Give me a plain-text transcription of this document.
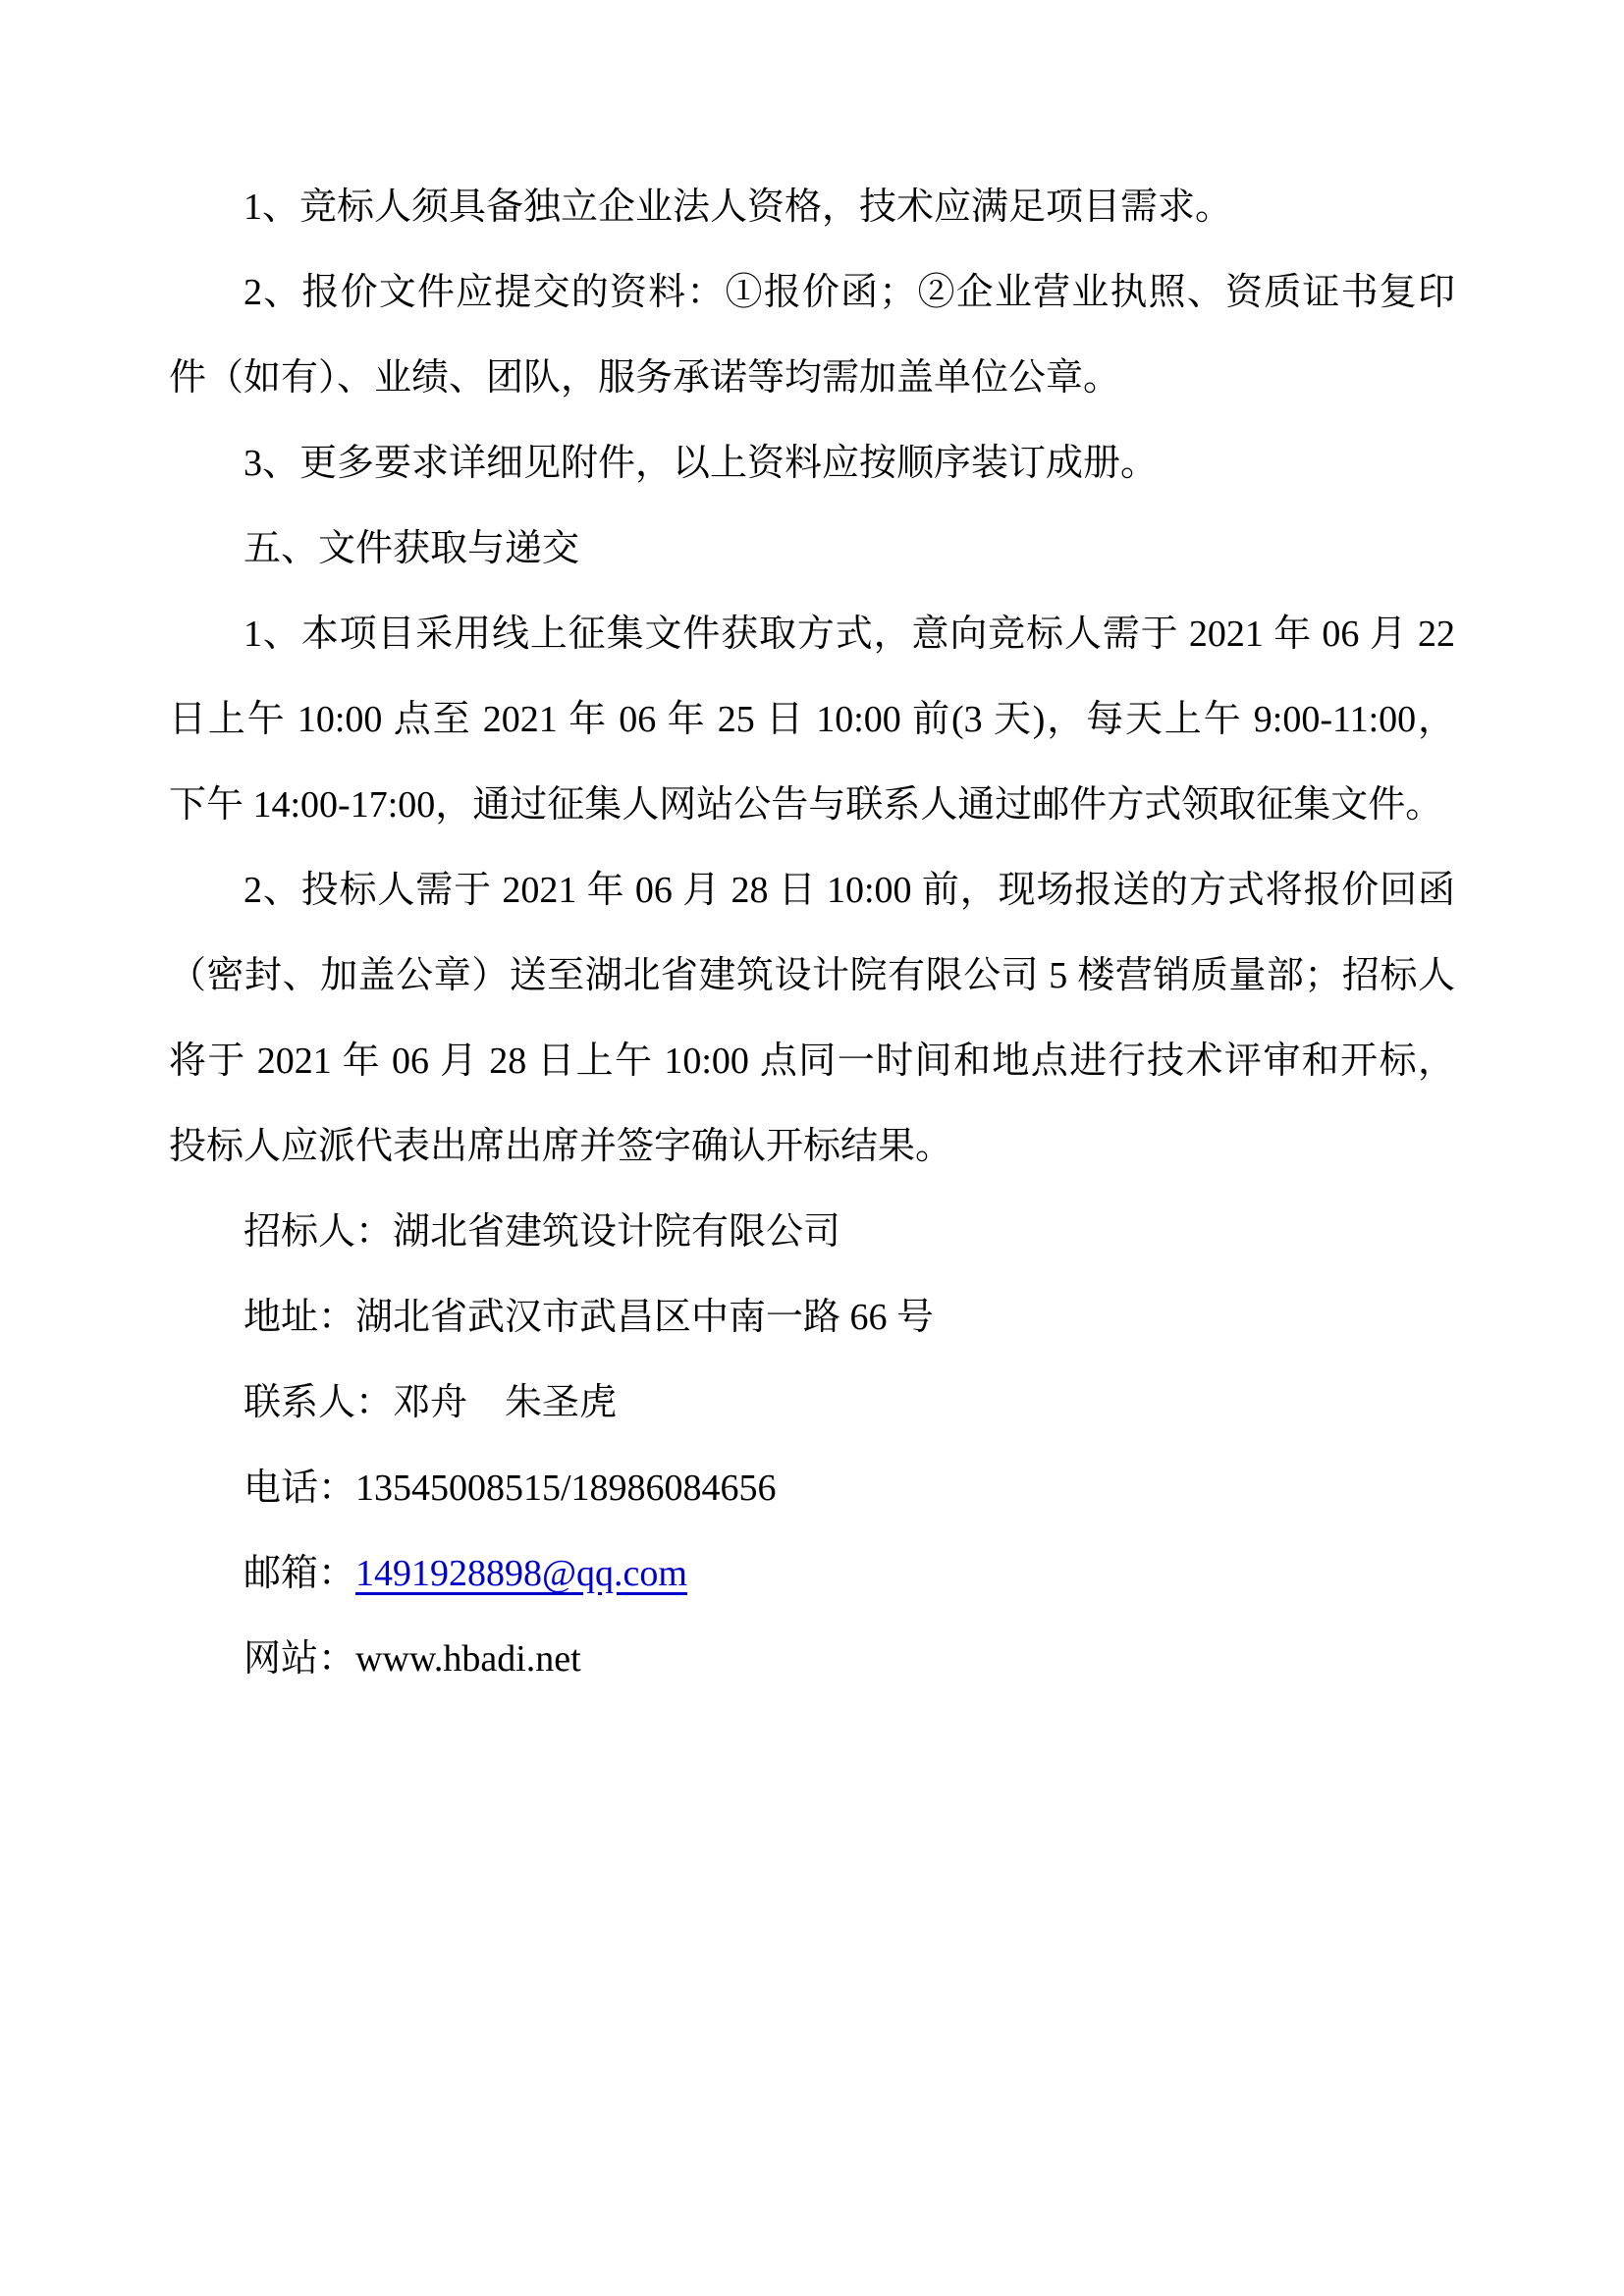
1、竞标人须具备独立企业法人资格，技术应满足项目需求。
2、报价文件应提交的资料：①报价函；②企业营业执照、资质证书复印
件（如有）、业绩、团队，服务承诺等均需加盖单位公章。
3、更多要求详细见附件，以上资料应按顺序装订成册。
五、文件获取与递交
1、本项目采用线上征集文件获取方式，意向竞标人需于 2021 年 06 月 22
日上午 10:00 点至 2021 年 06 年 25 日 10:00 前(3 天)，每天上午 9:00-11:00，
下午 14:00-17:00，通过征集人网站公告与联系人通过邮件方式领取征集文件。
2、投标人需于 2021 年 06 月 28 日 10:00 前，现场报送的方式将报价回函
（密封、加盖公章）送至湖北省建筑设计院有限公司 5 楼营销质量部；招标人
将于 2021 年 06 月 28 日上午 10:00 点同一时间和地点进行技术评审和开标，
投标人应派代表出席出席并签字确认开标结果。
招标人：湖北省建筑设计院有限公司
地址：湖北省武汉市武昌区中南一路 66 号
联系人：邓舟　朱圣虎
电话：13545008515/18986084656
邮箱：1491928898@qq.com
网站：www.hbadi.net
